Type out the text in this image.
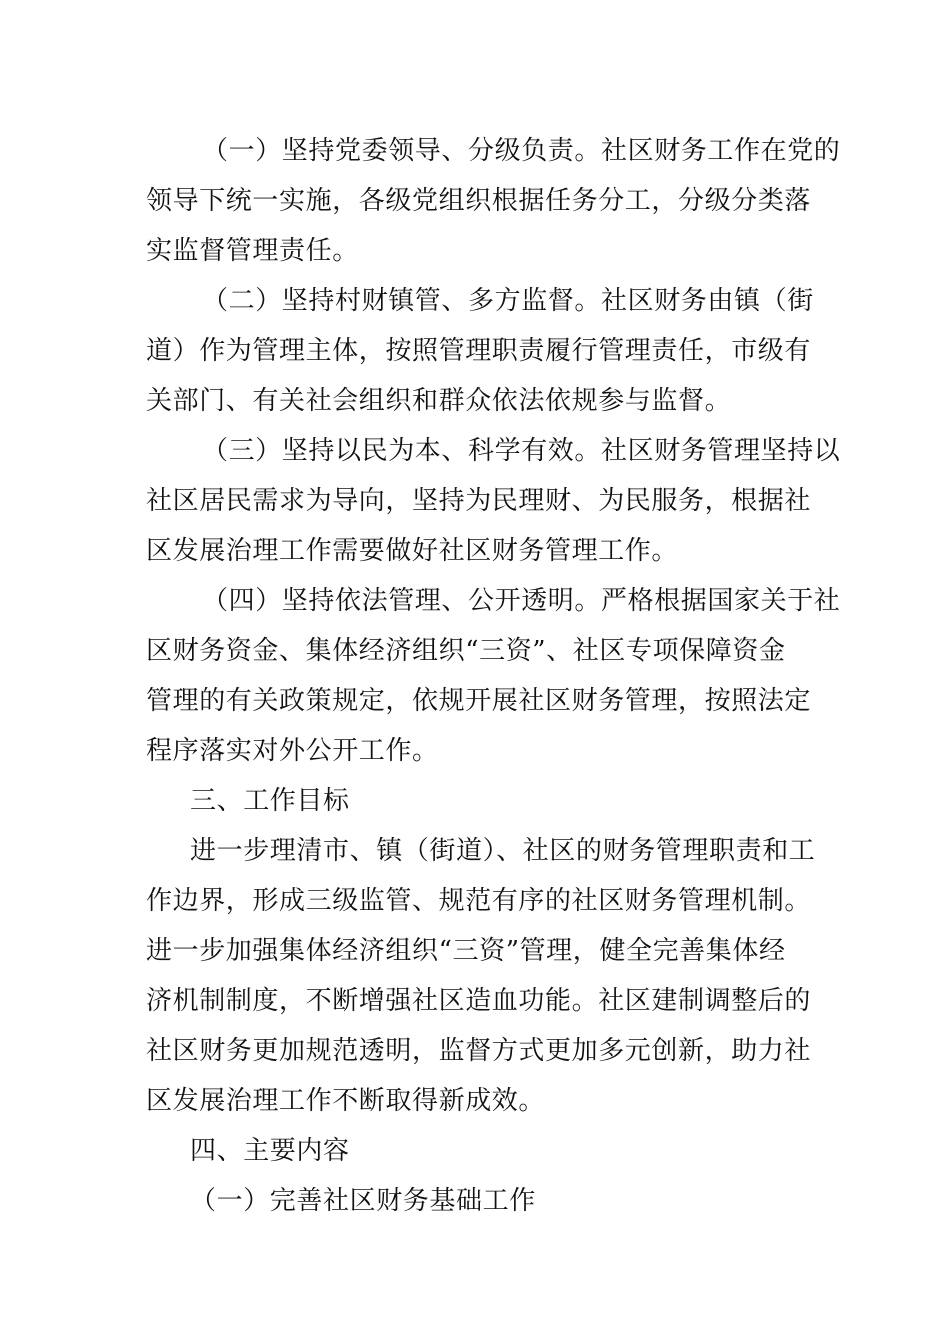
（一）坚持党委领导、分级负责。社区财务工作在党的
领导下统一实施，各级党组织根据任务分工，分级分类落
实监督管理责任。

（二）坚持村财镇管、多方监督。社区财务由镇（街
道）作为管理主体，按照管理职责履行管理责任，市级有
关部门、有关社会组织和群众依法依规参与监督。

（三）坚持以民为本、科学有效。社区财务管理坚持以
社区居民需求为导向，坚持为民理财、为民服务，根据社
区发展治理工作需要做好社区财务管理工作。

（四）坚持依法管理、公开透明。严格根据国家关于社
区财务资金、集体经济组织“三资”、社区专项保障资金
管理的有关政策规定，依规开展社区财务管理，按照法定
程序落实对外公开工作。

三、工作目标

进一步理清市、镇（街道）、社区的财务管理职责和工
作边界，形成三级监管、规范有序的社区财务管理机制。
进一步加强集体经济组织“三资”管理，健全完善集体经
济机制制度，不断增强社区造血功能。社区建制调整后的
社区财务更加规范透明，监督方式更加多元创新，助力社
区发展治理工作不断取得新成效。

四、主要内容

（一）完善社区财务基础工作
